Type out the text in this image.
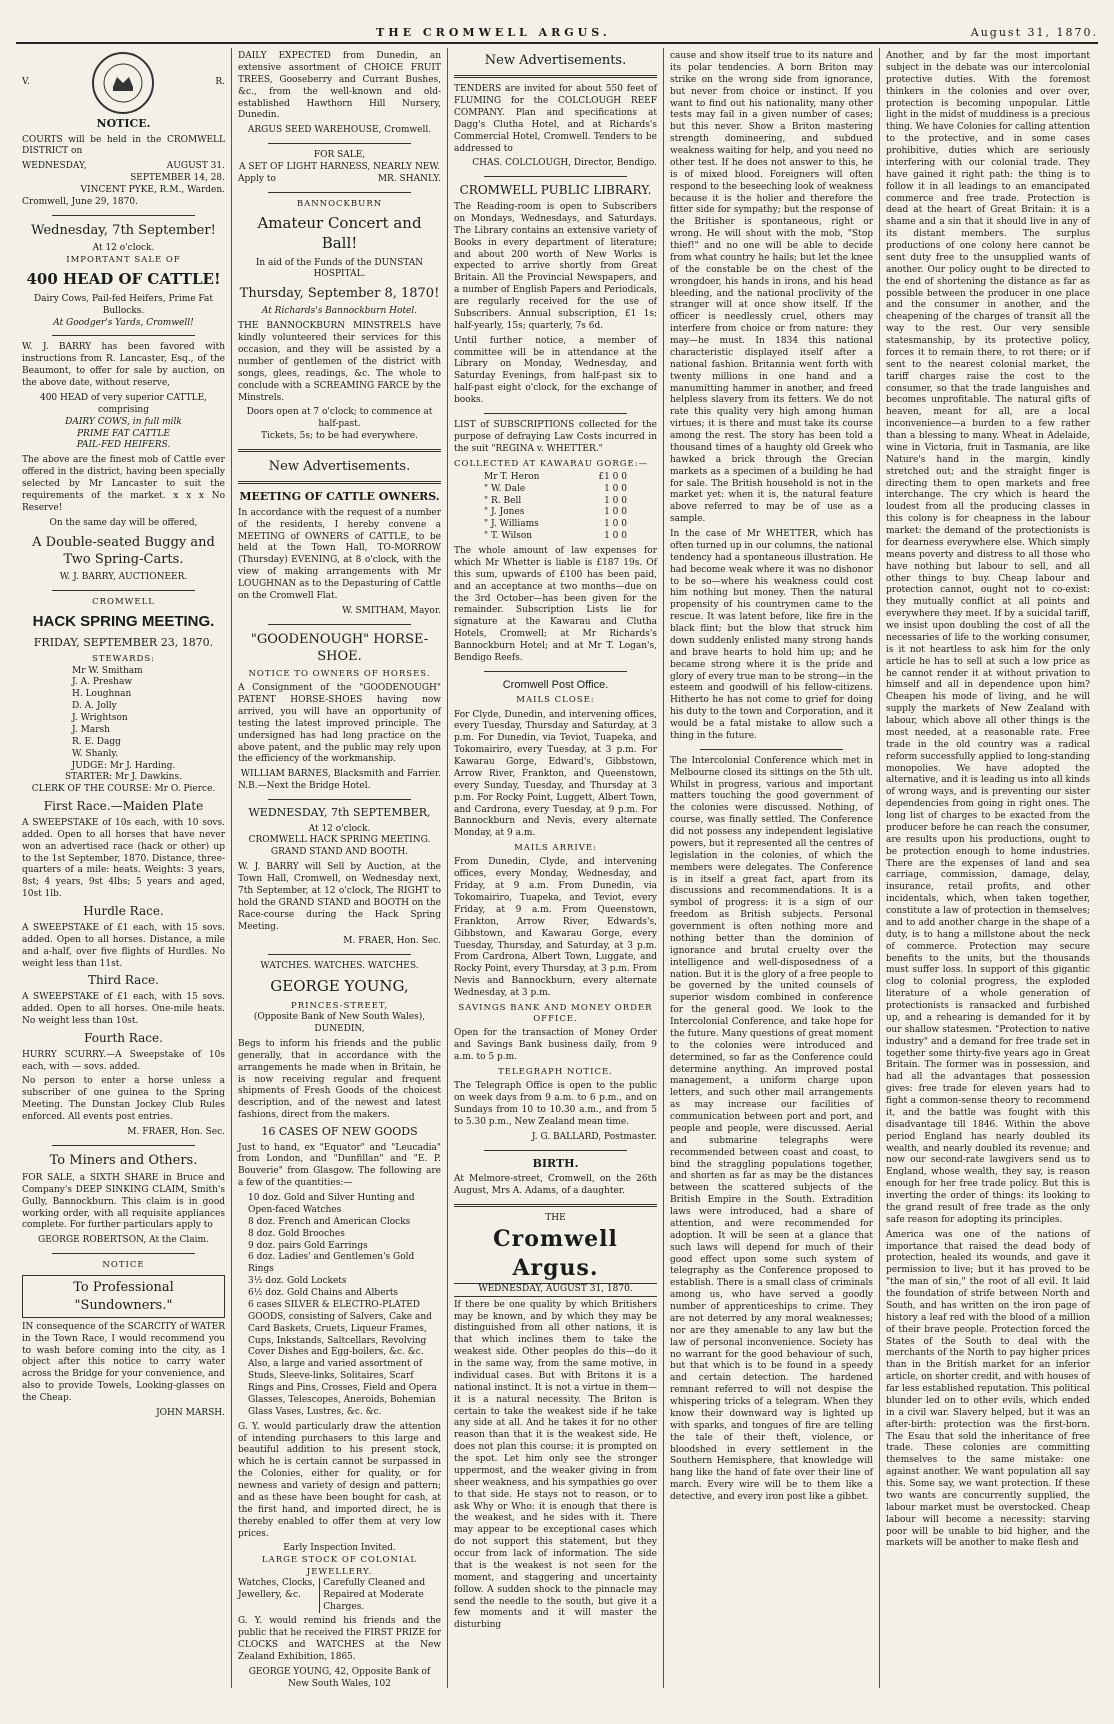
THE CROMWELL ARGUS.	August 31, 1870.
V.	R.
NOTICE.

COURTS will be held in the CROMWELL DISTRICT on

WEDNESDAY,	AUGUST 31.
SEPTEMBER 14, 28.
VINCENT PYKE, R.M., Warden.
Cromwell, June 29, 1870.
Wednesday, 7th September!
At 12 o'clock.
IMPORTANT SALE OF
400 HEAD OF CATTLE!
Dairy Cows, Pail-fed Heifers, Prime Fat Bullocks.
At Goodger's Yards, Cromwell!

W. J. BARRY has been favored with instructions from R. Lancaster, Esq., of the Beaumont, to offer for sale by auction, on the above date, without reserve,

400 HEAD of very superior CATTLE, comprising
DAIRY COWS, in full milk
PRIME FAT CATTLE
PAIL-FED HEIFERS.

The above are the finest mob of Cattle ever offered in the district, having been specially selected by Mr Lancaster to suit the requirements of the market. x x x No Reserve!

On the same day will be offered,
A Double-seated Buggy and Two Spring-Carts.
W. J. BARRY, AUCTIONEER.
CROMWELL
HACK SPRING MEETING.
FRIDAY, SEPTEMBER 23, 1870.
STEWARDS:
Mr W. Smitham
J. A. Preshaw
H. Loughnan
D. A. Jolly
J. Wrightson
J. Marsh
R. E. Dagg
W. Shanly.
JUDGE: Mr J. Harding.
STARTER: Mr J. Dawkins.
CLERK OF THE COURSE: Mr O. Pierce.
First Race.—Maiden Plate

A SWEEPSTAKE of 10s each, with 10 sovs. added. Open to all horses that have never won an advertised race (hack or other) up to the 1st September, 1870. Distance, three-quarters of a mile: heats. Weights: 3 years, 8st; 4 years, 9st 4lbs; 5 years and aged, 10st 1lb.

Hurdle Race.

A SWEEPSTAKE of £1 each, with 15 sovs. added. Open to all horses. Distance, a mile and a-half, over five flights of Hurdles. No weight less than 11st.

Third Race.

A SWEEPSTAKE of £1 each, with 15 sovs. added. Open to all horses. One-mile heats. No weight less than 10st.

Fourth Race.

HURRY SCURRY.—A Sweepstake of 10s each, with — sovs. added.

No person to enter a horse unless a subscriber of one guinea to the Spring Meeting. The Dunstan Jockey Club Rules enforced. All events post entries.

M. FRAER, Hon. Sec.
To Miners and Others.

FOR SALE, a SIXTH SHARE in Bruce and Company's DEEP SINKING CLAIM, Smith's Gully, Bannockburn. This claim is in good working order, with all requisite appliances complete. For further particulars apply to

GEORGE ROBERTSON, At the Claim.
NOTICE
To Professional "Sundowners."

IN consequence of the SCARCITY of WATER in the Town Race, I would recommend you to wash before coming into the city, as I object after this notice to carry water across the Bridge for your convenience, and also to provide Towels, Looking-glasses on the Cheap.

JOHN MARSH.

DAILY EXPECTED from Dunedin, an extensive assortment of CHOICE FRUIT TREES, Gooseberry and Currant Bushes, &c., from the well-known and old-established Hawthorn Hill Nursery, Dunedin.

ARGUS SEED WAREHOUSE, Cromwell.
FOR SALE,
A SET OF LIGHT HARNESS, NEARLY NEW.
Apply to	MR. SHANLY.
BANNOCKBURN
Amateur Concert and Ball!
In aid of the Funds of the DUNSTAN HOSPITAL.
Thursday, September 8, 1870!
At Richards's Bannockburn Hotel.

THE BANNOCKBURN MINSTRELS have kindly volunteered their services for this occasion, and they will be assisted by a number of gentlemen of the district with songs, glees, readings, &c. The whole to conclude with a SCREAMING FARCE by the Minstrels.

Doors open at 7 o'clock; to commence at half-past.
Tickets, 5s; to be had everywhere.
New Advertisements.
MEETING OF CATTLE OWNERS.

In accordance with the request of a number of the residents, I hereby convene a MEETING of OWNERS of CATTLE, to be held at the Town Hall, TO-MORROW (Thursday) EVENING, at 8 o'clock, with the view of making arrangements with Mr LOUGHNAN as to the Depasturing of Cattle on the Cromwell Flat.

W. SMITHAM, Mayor.
"GOODENOUGH" HORSE-SHOE.
NOTICE TO OWNERS OF HORSES.

A Consignment of the "GOODENOUGH" PATENT HORSE-SHOES having now arrived, you will have an opportunity of testing the latest improved principle. The undersigned has had long practice on the above patent, and the public may rely upon the efficiency of the workmanship.

WILLIAM BARNES, Blacksmith and Farrier.
N.B.—Next the Bridge Hotel.
WEDNESDAY, 7th SEPTEMBER,
At 12 o'clock.
CROMWELL HACK SPRING MEETING.
GRAND STAND AND BOOTH.

W. J. BARRY will Sell by Auction, at the Town Hall, Cromwell, on Wednesday next, 7th September, at 12 o'clock, The RIGHT to hold the GRAND STAND and BOOTH on the Race-course during the Hack Spring Meeting.

M. FRAER, Hon. Sec.
WATCHES. WATCHES. WATCHES.
GEORGE YOUNG,
PRINCES-STREET,
(Opposite Bank of New South Wales),
DUNEDIN,

Begs to inform his friends and the public generally, that in accordance with the arrangements he made when in Britain, he is now receiving regular and frequent shipments of Fresh Goods of the choicest description, and of the newest and latest fashions, direct from the makers.

16 CASES OF NEW GOODS

Just to hand, ex "Equator" and "Leucadia" from London, and "Dunfillan" and "E. P. Bouverie" from Glasgow. The following are a few of the quantities:—

10 doz. Gold and Silver Hunting and Open-faced Watches
8 doz. French and American Clocks
8 doz. Gold Brooches
9 doz. pairs Gold Earrings
6 doz. Ladies' and Gentlemen's Gold Rings
3½ doz. Gold Lockets
6½ doz. Gold Chains and Alberts
6 cases SILVER & ELECTRO-PLATED GOODS, consisting of Salvers, Cake and Card Baskets, Cruets, Liqueur Frames, Cups, Inkstands, Saltcellars, Revolving Cover Dishes and Egg-boilers, &c. &c.
Also, a large and varied assortment of Studs, Sleeve-links, Solitaires, Scarf Rings and Pins, Crosses, Field and Opera Glasses, Telescopes, Aneroids, Bohemian Glass Vases, Lustres, &c. &c.

G. Y. would particularly draw the attention of intending purchasers to this large and beautiful addition to his present stock, which he is certain cannot be surpassed in the Colonies, either for quality, or for newness and variety of design and pattern; and as these have been bought for cash, at the first hand, and imported direct, he is thereby enabled to offer them at very low prices.

Early Inspection Invited.
LARGE STOCK OF COLONIAL JEWELLERY.
Watches, Clocks, Jewellery, &c.
Carefully Cleaned and Repaired at Moderate Charges.

G. Y. would remind his friends and the public that he received the FIRST PRIZE for CLOCKS and WATCHES at the New Zealand Exhibition, 1865.

GEORGE YOUNG, 42, Opposite Bank of New South Wales, 102
New Advertisements.

TENDERS are invited for about 550 feet of FLUMING for the COLCLOUGH REEF COMPANY. Plan and specifications at Dagg's Clutha Hotel, and at Richards's Commercial Hotel, Cromwell. Tenders to be addressed to

CHAS. COLCLOUGH, Director, Bendigo.
CROMWELL PUBLIC LIBRARY.

The Reading-room is open to Subscribers on Mondays, Wednesdays, and Saturdays. The Library contains an extensive variety of Books in every department of literature; and about 200 worth of New Works is expected to arrive shortly from Great Britain. All the Provincial Newspapers, and a number of English Papers and Periodicals, are regularly received for the use of Subscribers. Annual subscription, £1 1s; half-yearly, 15s; quarterly, 7s 6d.

Until further notice, a member of committee will be in attendance at the Library on Monday, Wednesday, and Saturday Evenings, from half-past six to half-past eight o'clock, for the exchange of books.

LIST of SUBSCRIPTIONS collected for the purpose of defraying Law Costs incurred in the suit "REGINA v. WHETTER."

COLLECTED AT KAWARAU GORGE:—
Mr T. Heron	£1 0 0
" W. Dale	1 0 0
" R. Bell	1 0 0
" J. Jones	1 0 0
" J. Williams	1 0 0
" T. Wilson	1 0 0

The whole amount of law expenses for which Mr Whetter is liable is £187 19s. Of this sum, upwards of £100 has been paid, and an acceptance at two months—due on the 3rd October—has been given for the remainder. Subscription Lists lie for signature at the Kawarau and Clutha Hotels, Cromwell; at Mr Richards's Bannockburn Hotel; and at Mr T. Logan's, Bendigo Reefs.

Cromwell Post Office.
MAILS CLOSE:

For Clyde, Dunedin, and intervening offices, every Tuesday, Thursday and Saturday, at 3 p.m. For Dunedin, via Teviot, Tuapeka, and Tokomairiro, every Tuesday, at 3 p.m. For Kawarau Gorge, Edward's, Gibbstown, Arrow River, Frankton, and Queenstown, every Sunday, Tuesday, and Thursday at 3 p.m. For Rocky Point, Luggett, Albert Town, and Cardrona, every Tuesday, at 9 p.m. For Bannockburn and Nevis, every alternate Monday, at 9 a.m.

MAILS ARRIVE:

From Dunedin, Clyde, and intervening offices, every Monday, Wednesday, and Friday, at 9 a.m. From Dunedin, via Tokomairiro, Tuapeka, and Teviot, every Friday, at 9 a.m. From Queenstown, Frankton, Arrow River, Edwards's, Gibbstown, and Kawarau Gorge, every Tuesday, Thursday, and Saturday, at 3 p.m. From Cardrona, Albert Town, Luggate, and Rocky Point, every Thursday, at 3 p.m. From Nevis and Bannockburn, every alternate Wednesday, at 3 p.m.

SAVINGS BANK AND MONEY ORDER OFFICE.

Open for the transaction of Money Order and Savings Bank business daily, from 9 a.m. to 5 p.m.

TELEGRAPH NOTICE.

The Telegraph Office is open to the public on week days from 9 a.m. to 6 p.m., and on Sundays from 10 to 10.30 a.m., and from 5 to 5.30 p.m., New Zealand mean time.

J. G. BALLARD, Postmaster.
BIRTH.

At Melmore-street, Cromwell, on the 26th August, Mrs A. Adams, of a daughter.

THE
Cromwell Argus.
WEDNESDAY, AUGUST 31, 1870.

If there be one quality by which Britishers may be known, and by which they may be distinguished from all other nations, it is that which inclines them to take the weakest side. Other peoples do this—do it in the same way, from the same motive, in individual cases. But with Britons it is a national instinct. It is not a virtue in them—it is a natural necessity. The Briton is certain to take the weakest side if he take any side at all. And he takes it for no other reason than that it is the weakest side. He does not plan this course: it is prompted on the spot. Let him only see the stronger uppermost, and the weaker giving in from sheer weakness, and his sympathies go over to that side. He stays not to reason, or to ask Why or Who: it is enough that there is the weakest, and he sides with it. There may appear to be exceptional cases which do not support this statement, but they occur from lack of information. The side that is the weakest is not seen for the moment, and staggering and uncertainty follow. A sudden shock to the pinnacle may send the needle to the south, but give it a few moments and it will master the disturbing

cause and show itself true to its nature and its polar tendencies. A born Briton may strike on the wrong side from ignorance, but never from choice or instinct. If you want to find out his nationality, many other tests may fail in a given number of cases; but this never. Show a Briton mastering strength domineering, and subdued weakness waiting for help, and you need no other test. If he does not answer to this, he is of mixed blood. Foreigners will often respond to the beseeching look of weakness because it is the holier and therefore the fitter side for sympathy; but the response of the Britisher is spontaneous, right or wrong. He will shout with the mob, "Stop thief!" and no one will be able to decide from what country he hails; but let the knee of the constable be on the chest of the wrongdoer, his hands in irons, and his head bleeding, and the national proclivity of the stranger will at once show itself. If the officer is needlessly cruel, others may interfere from choice or from nature: they may—he must. In 1834 this national characteristic displayed itself after a national fashion. Britannia went forth with twenty millions in one hand and a manumitting hammer in another, and freed helpless slavery from its fetters. We do not rate this quality very high among human virtues; it is there and must take its course among the rest. The story has been told a thousand times of a haughty old Greek who hawked a brick through the Grecian markets as a specimen of a building he had for sale. The British household is not in the market yet: when it is, the natural feature above referred to may be of use as a sample.

In the case of Mr WHETTER, which has often turned up in our columns, the national tendency had a spontaneous illustration. He had become weak where it was no dishonor to be so—where his weakness could cost him nothing but money. Then the natural propensity of his countrymen came to the rescue. It was latent before, like fire in the black flint; but the blow that struck him down suddenly enlisted many strong hands and brave hearts to hold him up; and he became strong where it is the pride and glory of every true man to be strong—in the esteem and goodwill of his fellow-citizens. Hitherto he has not come to grief for doing his duty to the town and Corporation, and it would be a fatal mistake to allow such a thing in the future.

The Intercolonial Conference which met in Melbourne closed its sittings on the 5th ult. Whilst in progress, various and important matters touching the good government of the colonies were discussed. Nothing, of course, was finally settled. The Conference did not possess any independent legislative powers, but it represented all the centres of legislation in the colonies, of which the members were delegates. The Conference is in itself a great fact, apart from its discussions and recommendations. It is a symbol of progress: it is a sign of our freedom as British subjects. Personal government is often nothing more and nothing better than the dominion of ignorance and brutal cruelty over the intelligence and well-disposedness of a nation. But it is the glory of a free people to be governed by the united counsels of superior wisdom combined in conference for the general good. We look to the Intercolonial Conference, and take hope for the future. Many questions of great moment to the colonies were introduced and determined, so far as the Conference could determine anything. An improved postal management, a uniform charge upon letters, and such other mail arrangements as may increase our facilities of communication between port and port, and people and people, were discussed. Aerial and submarine telegraphs were recommended between coast and coast, to bind the straggling populations together, and shorten as far as may be the distances between the scattered subjects of the British Empire in the South. Extradition laws were introduced, had a share of attention, and were recommended for adoption. It will be seen at a glance that such laws will depend for much of their good effect upon some such system of telegraphy as the Conference proposed to establish. There is a small class of criminals among us, who have served a goodly number of apprenticeships to crime. They are not deterred by any moral weaknesses; nor are they amenable to any law but the law of personal inconvenience. Society has no warrant for the good behaviour of such, but that which is to be found in a speedy and certain detection. The hardened remnant referred to will not despise the whispering tricks of a telegram. When they know their downward way is lighted up with sparks, and tongues of fire are telling the tale of their theft, violence, or bloodshed in every settlement in the Southern Hemisphere, that knowledge will hang like the hand of fate over their line of march. Every wire will be to them like a detective, and every iron post like a gibbet.

Another, and by far the most important subject in the debate was our intercolonial protective duties. With the foremost thinkers in the colonies and over over, protection is becoming unpopular. Little light in the midst of muddiness is a precious thing. We have Colonies for calling attention to the protective, and in some cases prohibitive, duties which are seriously interfering with our colonial trade. They have gained it right path: the thing is to follow it in all leadings to an emancipated commerce and free trade. Protection is dead at the heart of Great Britain: it is a shame and a sin that it should live in any of its distant members. The surplus productions of one colony here cannot be sent duty free to the unsupplied wants of another. Our policy ought to be directed to the end of shortening the distance as far as possible between the producer in one place and the consumer in another, and the cheapening of the charges of transit all the way to the rest. Our very sensible statesmanship, by its protective policy, forces it to remain there, to rot there; or if sent to the nearest colonial market, the tariff charges raise the cost to the consumer, so that the trade languishes and becomes unprofitable. The natural gifts of heaven, meant for all, are a local inconvenience—a burden to a few rather than a blessing to many. Wheat in Adelaide, wine in Victoria, fruit in Tasmania, are like Nature's hand in the margin, kindly stretched out; and the straight finger is directing them to open markets and free interchange. The cry which is heard the loudest from all the producing classes in this colony is for cheapness in the labour market: the demand of the protectionists is for dearness everywhere else. Which simply means poverty and distress to all those who have nothing but labour to sell, and all other things to buy. Cheap labour and protection cannot, ought not to co-exist: they mutually conflict at all points and everywhere they meet. If by a suicidal tariff, we insist upon doubling the cost of all the necessaries of life to the working consumer, is it not heartless to ask him for the only article he has to sell at such a low price as he cannot render it at without privation to himself and all in dependence upon him? Cheapen his mode of living, and he will supply the markets of New Zealand with labour, which above all other things is the most needed, at a reasonable rate. Free trade in the old country was a radical reform successfully applied to long-standing monopolies. We have adopted the alternative, and it is leading us into all kinds of wrong ways, and is preventing our sister dependencies from going in right ones. The long list of charges to be exacted from the producer before he can reach the consumer, are results upon his productions, ought to be protection enough to home industries. There are the expenses of land and sea carriage, commission, damage, delay, insurance, retail profits, and other incidentals, which, when taken together, constitute a law of protection in themselves; and to add another charge in the shape of a duty, is to hang a millstone about the neck of commerce. Protection may secure benefits to the units, but the thousands must suffer loss. In support of this gigantic clog to colonial progress, the exploded literature of a whole generation of protectionists is ransacked and furbished up, and a rehearing is demanded for it by our shallow statesmen. "Protection to native industry" and a demand for free trade set in together some thirty-five years ago in Great Britain. The former was in possession, and had all the advantages that possession gives: free trade for eleven years had to fight a common-sense theory to recommend it, and the battle was fought with this disadvantage till 1846. Within the above period England has nearly doubled its wealth, and nearly doubled its revenue; and now our second-rate lawgivers send us to England, whose wealth, they say, is reason enough for her free trade policy. But this is inverting the order of things: its looking to the grand result of free trade as the only safe reason for adopting its principles.

America was one of the nations of importance that raised the dead body of protection, healed its wounds, and gave it permission to live; but it has proved to be "the man of sin," the root of all evil. It laid the foundation of strife between North and South, and has written on the iron page of history a leaf red with the blood of a million of their brave people. Protection forced the States of the South to deal with the merchants of the North to pay higher prices than in the British market for an inferior article, on shorter credit, and with houses of far less established reputation. This political blunder led on to other evils, which ended in a civil war. Slavery helped, but it was an after-birth: protection was the first-born. The Esau that sold the inheritance of free trade. These colonies are committing themselves to the same mistake: one against another. We want population all say this. Some say, we want protection. If these two wants are concurrently supplied, the labour market must be overstocked. Cheap labour will become a necessity: starving poor will be unable to bid higher, and the markets will be another to make flesh and
